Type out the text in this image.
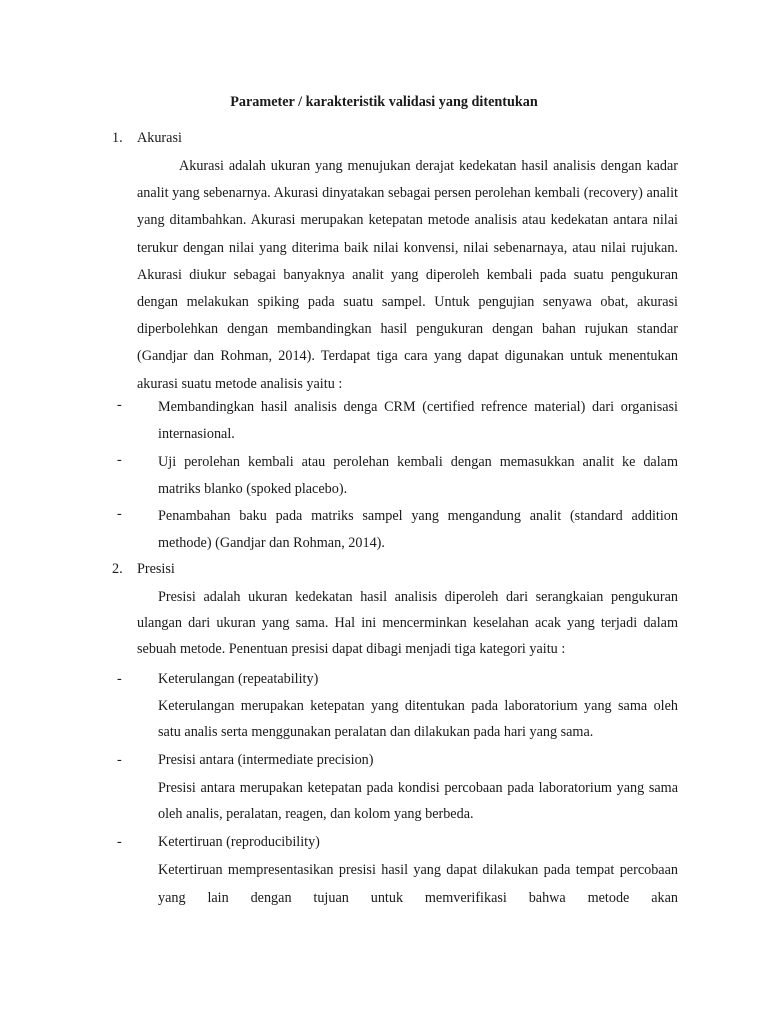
Parameter / karakteristik validasi yang ditentukan
1. Akurasi
Akurasi adalah ukuran yang menujukan derajat kedekatan hasil analisis dengan kadar analit yang sebenarnya. Akurasi dinyatakan sebagai persen perolehan kembali (recovery) analit yang ditambahkan. Akurasi merupakan ketepatan metode analisis atau kedekatan antara nilai terukur dengan nilai yang diterima baik nilai konvensi, nilai sebenarnaya, atau nilai rujukan. Akurasi diukur sebagai banyaknya analit yang diperoleh kembali pada suatu pengukuran dengan melakukan spiking pada suatu sampel. Untuk pengujian senyawa obat, akurasi diperbolehkan dengan membandingkan hasil pengukuran dengan bahan rujukan standar (Gandjar dan Rohman, 2014). Terdapat tiga cara yang dapat digunakan untuk menentukan akurasi suatu metode analisis yaitu :
-	Membandingkan hasil analisis denga CRM (certified refrence material) dari organisasi internasional.
-	Uji perolehan kembali atau perolehan kembali dengan memasukkan analit ke dalam matriks blanko (spoked placebo).
-	Penambahan baku pada matriks sampel yang mengandung analit (standard addition methode) (Gandjar dan Rohman, 2014).
2. Presisi
Presisi adalah ukuran kedekatan hasil analisis diperoleh dari serangkaian pengukuran ulangan dari ukuran yang sama. Hal ini mencerminkan keselahan acak yang terjadi dalam sebuah metode. Penentuan presisi dapat dibagi menjadi tiga kategori yaitu :
-	Keterulangan (repeatability)
Keterulangan merupakan ketepatan yang ditentukan pada laboratorium yang sama oleh satu analis serta menggunakan peralatan dan dilakukan pada hari yang sama.
-	Presisi antara (intermediate precision)
Presisi antara merupakan ketepatan pada kondisi percobaan pada laboratorium yang sama oleh analis, peralatan, reagen, dan kolom yang berbeda.
-	Ketertiruan (reproducibility)
Ketertiruan mempresentasikan presisi hasil yang dapat dilakukan pada tempat percobaan yang lain dengan tujuan untuk memverifikasi bahwa metode akan
